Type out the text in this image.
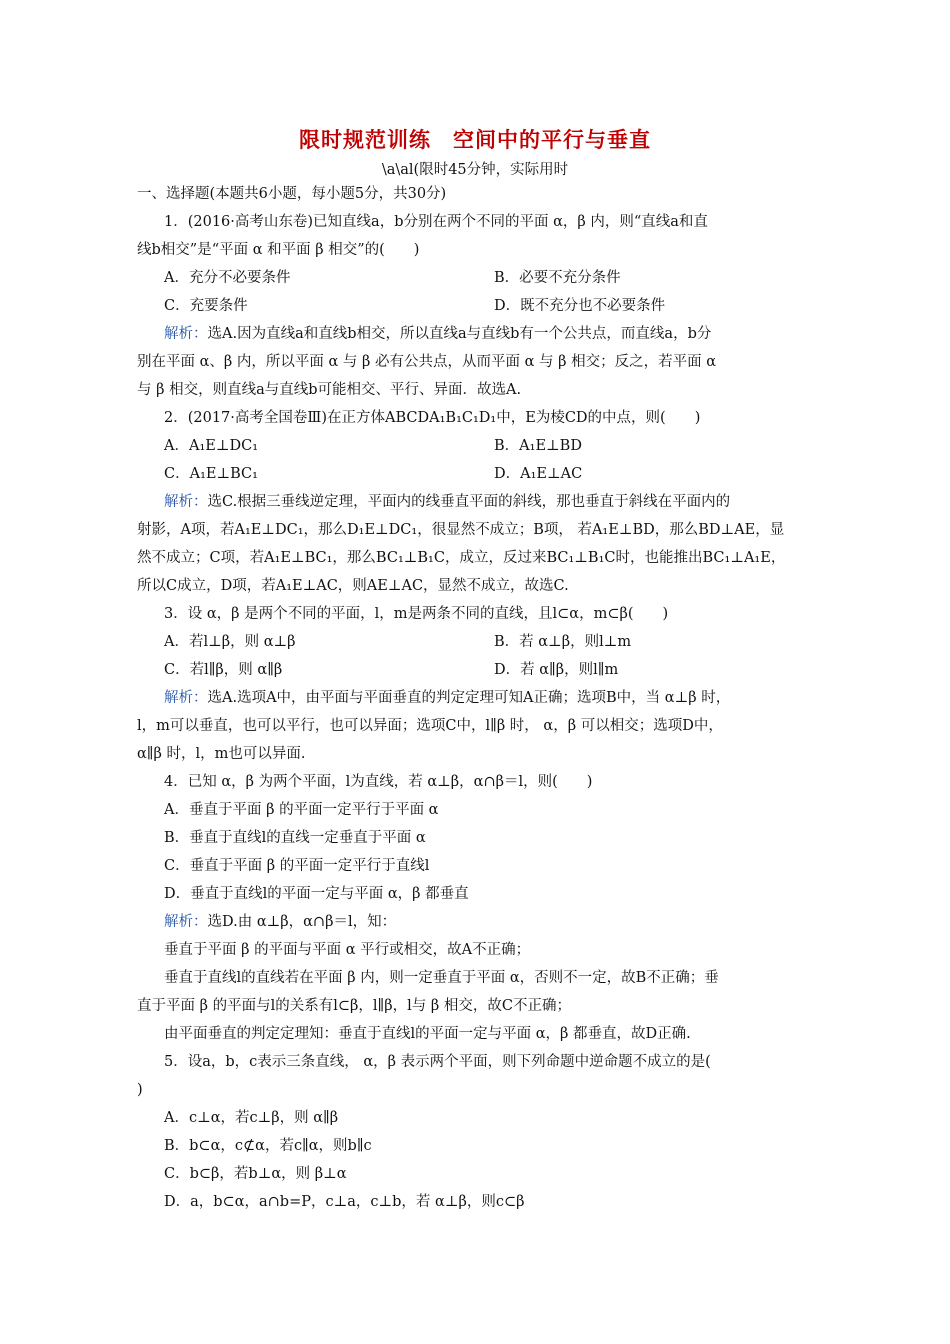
限时规范训练　空间中的平行与垂直
\a\al(限时45分钟，实际用时
一、选择题(本题共6小题，每小题5分，共30分)
1．(2016·高考山东卷)已知直线a，b分别在两个不同的平面 α，β 内，则“直线a和直
线b相交”是“平面 α 和平面 β 相交”的(　　)
A．充分不必要条件	B．必要不充分条件
C．充要条件	D．既不充分也不必要条件
解析：选A.因为直线a和直线b相交，所以直线a与直线b有一个公共点，而直线a，b分
别在平面 α、β 内，所以平面 α 与 β 必有公共点，从而平面 α 与 β 相交；反之，若平面 α
与 β 相交，则直线a与直线b可能相交、平行、异面．故选A.
2．(2017·高考全国卷Ⅲ)在正方体ABCDA₁B₁C₁D₁中，E为棱CD的中点，则(　　)
A．A₁E⊥DC₁	B．A₁E⊥BD
C．A₁E⊥BC₁	D．A₁E⊥AC
解析：选C.根据三垂线逆定理，平面内的线垂直平面的斜线，那也垂直于斜线在平面内的
射影，A项，若A₁E⊥DC₁，那么D₁E⊥DC₁，很显然不成立；B项， 若A₁E⊥BD，那么BD⊥AE，显
然不成立；C项，若A₁E⊥BC₁，那么BC₁⊥B₁C，成立，反过来BC₁⊥B₁C时，也能推出BC₁⊥A₁E，
所以C成立，D项，若A₁E⊥AC，则AE⊥AC，显然不成立，故选C.
3．设 α，β 是两个不同的平面，l，m是两条不同的直线，且l⊂α，m⊂β(　　)
A．若l⊥β，则 α⊥β	B．若 α⊥β，则l⊥m
C．若l∥β，则 α∥β	D．若 α∥β，则l∥m
解析：选A.选项A中，由平面与平面垂直的判定定理可知A正确；选项B中，当 α⊥β 时，
l，m可以垂直，也可以平行，也可以异面；选项C中，l∥β 时， α，β 可以相交；选项D中，
α∥β 时，l，m也可以异面.
4．已知 α，β 为两个平面，l为直线，若 α⊥β，α∩β＝l，则(　　)
A．垂直于平面 β 的平面一定平行于平面 α
B．垂直于直线l的直线一定垂直于平面 α
C．垂直于平面 β 的平面一定平行于直线l
D．垂直于直线l的平面一定与平面 α，β 都垂直
解析：选D.由 α⊥β，α∩β＝l，知：
垂直于平面 β 的平面与平面 α 平行或相交，故A不正确；
垂直于直线l的直线若在平面 β 内，则一定垂直于平面 α，否则不一定，故B不正确；垂
直于平面 β 的平面与l的关系有l⊂β，l∥β，l与 β 相交，故C不正确；
由平面垂直的判定定理知：垂直于直线l的平面一定与平面 α，β 都垂直，故D正确.
5．设a，b，c表示三条直线， α，β 表示两个平面，则下列命题中逆命题不成立的是(
)
A．c⊥α，若c⊥β，则 α∥β
B．b⊂α，c⊄α，若c∥α，则b∥c
C．b⊂β，若b⊥α，则 β⊥α
D．a，b⊂α，a∩b=P，c⊥a，c⊥b，若 α⊥β，则c⊂β
